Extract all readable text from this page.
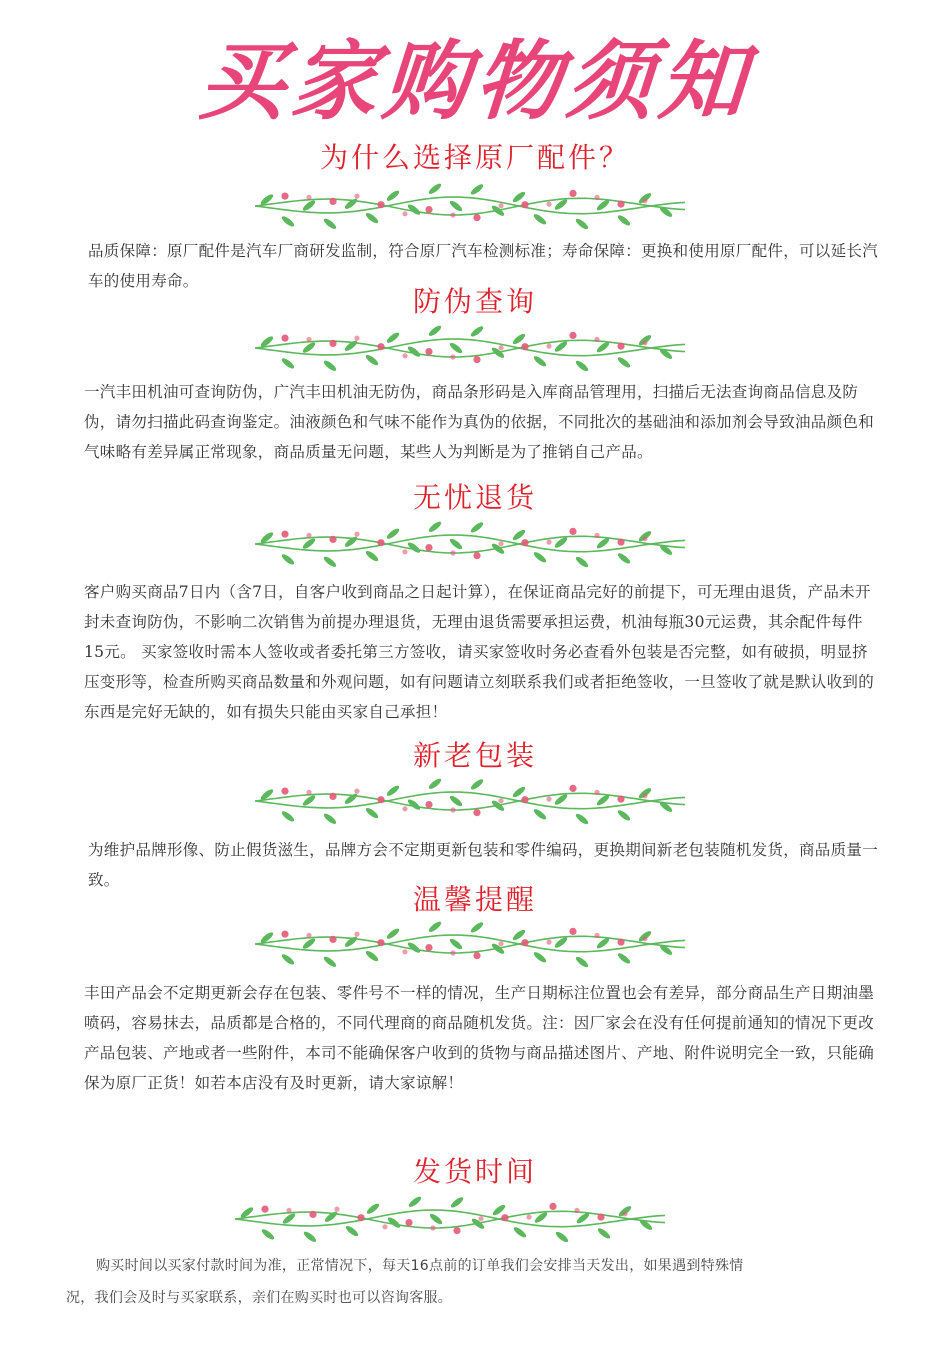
买家购物须知
为什么选择原厂配件？

品质保障：原厂配件是汽车厂商研发监制，符合原厂汽车检测标准；寿命保障：更换和使用原厂配件，可以延长汽车的使用寿命。

防伪查询

一汽丰田机油可查询防伪，广汽丰田机油无防伪，商品条形码是入库商品管理用，扫描后无法查询商品信息及防伪，请勿扫描此码查询鉴定。油液颜色和气味不能作为真伪的依据，不同批次的基础油和添加剂会导致油品颜色和气味略有差异属正常现象，商品质量无问题，某些人为判断是为了推销自己产品。

无忧退货

客户购买商品7日内（含7日，自客户收到商品之日起计算），在保证商品完好的前提下，可无理由退货，产品未开封未查询防伪，不影响二次销售为前提办理退货，无理由退货需要承担运费，机油每瓶30元运费，其余配件每件15元。 买家签收时需本人签收或者委托第三方签收，请买家签收时务必查看外包装是否完整，如有破损，明显挤压变形等，检查所购买商品数量和外观问题，如有问题请立刻联系我们或者拒绝签收，一旦签收了就是默认收到的东西是完好无缺的，如有损失只能由买家自己承担！

新老包装

为维护品牌形像、防止假货滋生，品牌方会不定期更新包装和零件编码，更换期间新老包装随机发货，商品质量一致。

温馨提醒

丰田产品会不定期更新会存在包装、零件号不一样的情况，生产日期标注位置也会有差异，部分商品生产日期油墨喷码，容易抹去，品质都是合格的，不同代理商的商品随机发货。注：因厂家会在没有任何提前通知的情况下更改产品包装、产地或者一些附件，本司不能确保客户收到的货物与商品描述图片、产地、附件说明完全一致，只能确保为原厂正货！如若本店没有及时更新，请大家谅解！

发货时间
购买时间以买家付款时间为准，正常情况下，每天16点前的订单我们会安排当天发出，如果遇到特殊情
况，我们会及时与买家联系，亲们在购买时也可以咨询客服。
